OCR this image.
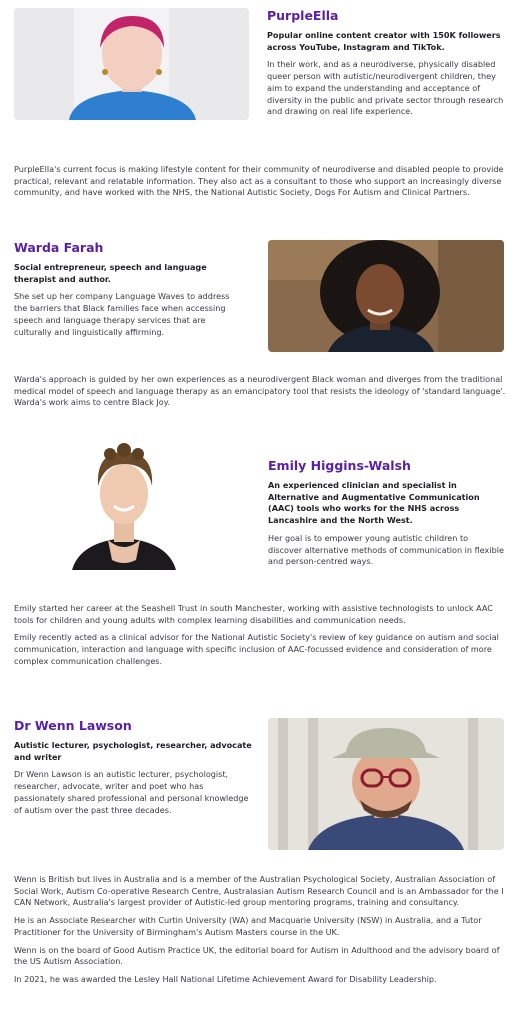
PurpleElla

Popular online content creator with 150K followers across YouTube, Instagram and TikTok.

In their work, and as a neurodiverse, physically disabled queer person with autistic/neurodivergent children, they aim to expand the understanding and acceptance of diversity in the public and private sector through research and drawing on real life experience.

PurpleElla's current focus is making lifestyle content for their community of neurodiverse and disabled people to provide practical, relevant and relatable information. They also act as a consultant to those who support an increasingly diverse community, and have worked with the NHS, the National Autistic Society, Dogs For Autism and Clinical Partners.

Warda Farah

Social entrepreneur, speech and language therapist and author.

She set up her company Language Waves to address the barriers that Black families face when accessing speech and language therapy services that are culturally and linguistically affirming.

Warda's approach is guided by her own experiences as a neurodivergent Black woman and diverges from the traditional medical model of speech and language therapy as an emancipatory tool that resists the ideology of 'standard language'. Warda's work aims to centre Black Joy.

Emily Higgins-Walsh

An experienced clinician and specialist in Alternative and Augmentative Communication (AAC) tools who works for the NHS across Lancashire and the North West.

Her goal is to empower young autistic children to discover alternative methods of communication in flexible and person-centred ways.

Emily started her career at the Seashell Trust in south Manchester, working with assistive technologists to unlock AAC tools for children and young adults with complex learning disabilities and communication needs.

Emily recently acted as a clinical advisor for the National Autistic Society's review of key guidance on autism and social communication, interaction and language with specific inclusion of AAC-focussed evidence and consideration of more complex communication challenges.

Dr Wenn Lawson

Autistic lecturer, psychologist, researcher, advocate and writer

Dr Wenn Lawson is an autistic lecturer, psychologist, researcher, advocate, writer and poet who has passionately shared professional and personal knowledge of autism over the past three decades.

Wenn is British but lives in Australia and is a member of the Australian Psychological Society, Australian Association of Social Work, Autism Co-operative Research Centre, Australasian Autism Research Council and is an Ambassador for the I CAN Network, Australia's largest provider of Autistic-led group mentoring programs, training and consultancy.

He is an Associate Researcher with Curtin University (WA) and Macquarie University (NSW) in Australia, and a Tutor Practitioner for the University of Birmingham's Autism Masters course in the UK.

Wenn is on the board of Good Autism Practice UK, the editorial board for Autism in Adulthood and the advisory board of the US Autism Association.

In 2021, he was awarded the Lesley Hall National Lifetime Achievement Award for Disability Leadership.
